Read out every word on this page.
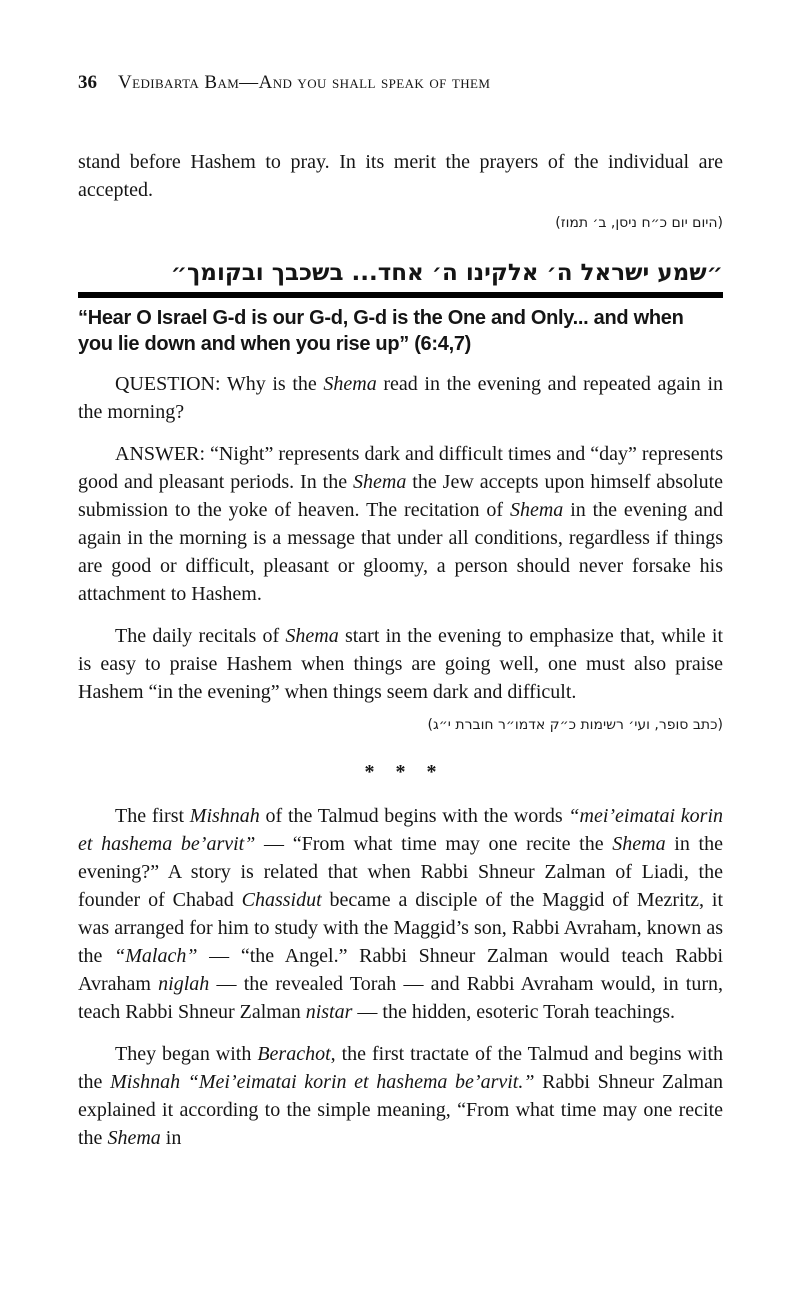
36 Vedibarta Bam—And you shall speak of them

stand before Hashem to pray. In its merit the prayers of the individual are accepted.

(היום יום כ״ח ניסן, ב׳ תמוז)
״שמע ישראל ה׳ אלקינו ה׳ אחד... בשכבך ובקומך״
“Hear O Israel G-d is our G-d, G-d is the One and Only... and when you lie down and when you rise up” (6:4,7)

QUESTION: Why is the Shema read in the evening and repeated again in the morning?

ANSWER: “Night” represents dark and difficult times and “day” represents good and pleasant periods. In the Shema the Jew accepts upon himself absolute submission to the yoke of heaven. The recitation of Shema in the evening and again in the morning is a message that under all conditions, regardless if things are good or difficult, pleasant or gloomy, a person should never forsake his attachment to Hashem.

The daily recitals of Shema start in the evening to emphasize that, while it is easy to praise Hashem when things are going well, one must also praise Hashem “in the evening” when things seem dark and difficult.

(כתב סופר, ועי׳ רשימות כ״ק אדמו״ר חוברת י״ג)
* * *

The first Mishnah of the Talmud begins with the words “mei’eimatai korin et hashema be’arvit” — “From what time may one recite the Shema in the evening?” A story is related that when Rabbi Shneur Zalman of Liadi, the founder of Chabad Chassidut became a disciple of the Maggid of Mezritz, it was arranged for him to study with the Maggid’s son, Rabbi Avraham, known as the “Malach” — “the Angel.” Rabbi Shneur Zalman would teach Rabbi Avraham niglah — the revealed Torah — and Rabbi Avraham would, in turn, teach Rabbi Shneur Zalman nistar — the hidden, esoteric Torah teachings.

They began with Berachot, the first tractate of the Talmud and begins with the Mishnah “Mei’eimatai korin et hashema be’arvit.” Rabbi Shneur Zalman explained it according to the simple meaning, “From what time may one recite the Shema in
